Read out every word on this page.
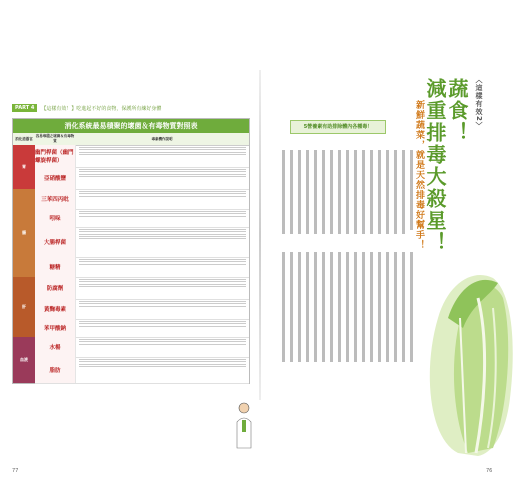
PART 4	【這樣有效！】吃進起不好的食物，保護所有練好身體
消化系統最易積聚的壞菌＆有毒物質對照表
消化道器官
容易堆積之壞菌＆有毒物質
毒素機作說明
胃
腸
肝
血液
幽門桿菌（幽門螺旋桿菌）
亞硝酸鹽
三苯四丙吡
吲哚
大腸桿菌
糖精
防腐劑
黃麴毒素
苯甲酸鈉
水楊
脂肪
77
〈這樣有效2〉
蔬食！
減重排毒大殺星！
新鮮蔬菜，就是天然排毒好幫手！
5營養素有助排除體內各種毒！
76
